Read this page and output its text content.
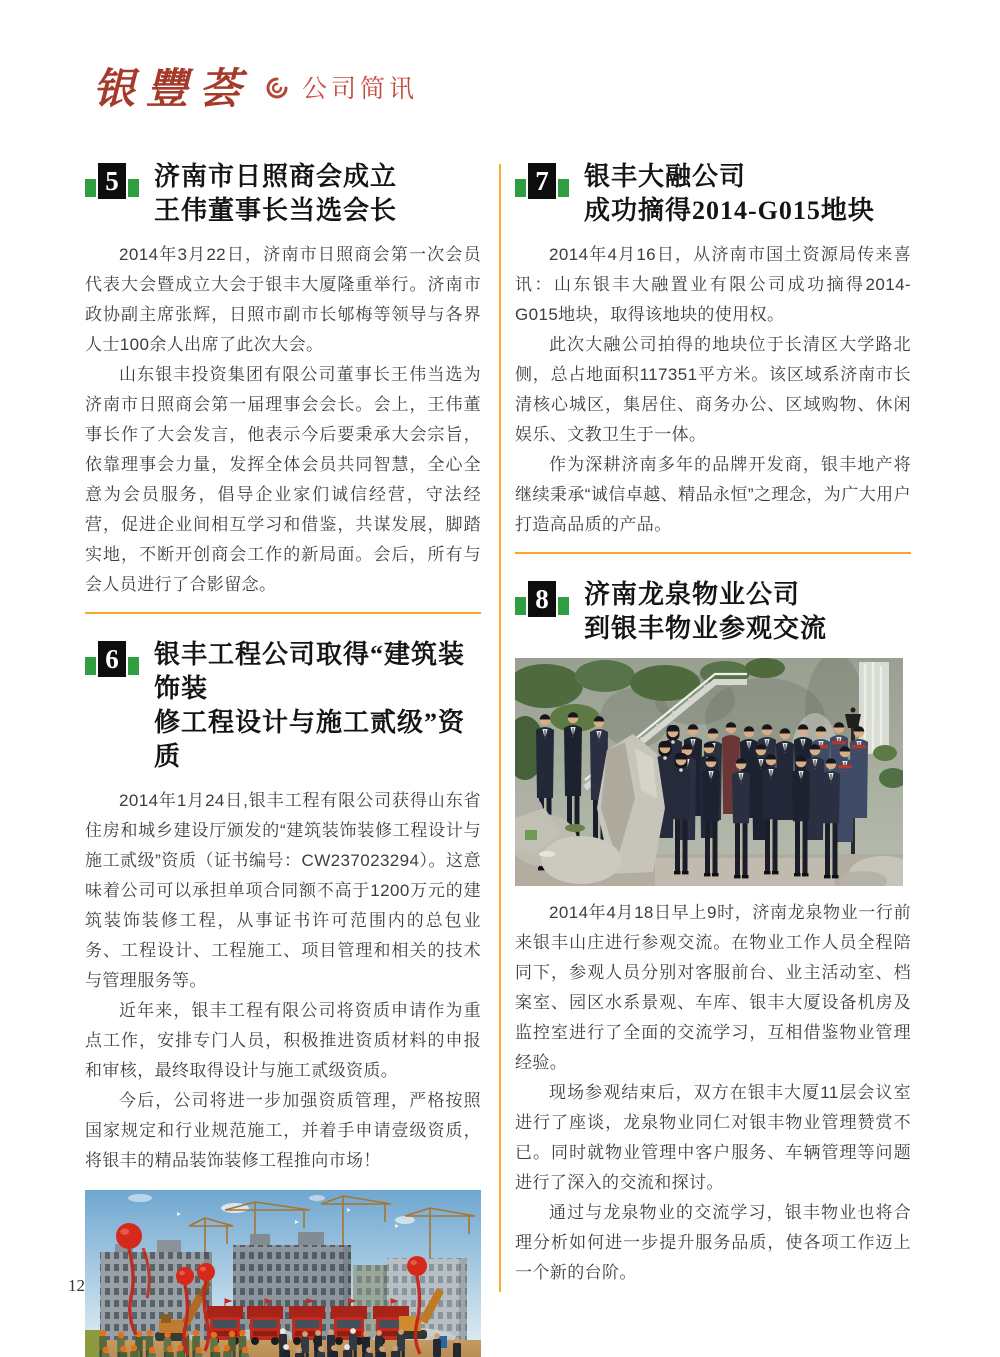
银豐荟 公司简讯
5 济南市日照商会成立
王伟董事长当选会长

2014年3月22日，济南市日照商会第一次会员代表大会暨成立大会于银丰大厦隆重举行。济南市政协副主席张辉，日照市副市长郇梅等领导与各界人士100余人出席了此次大会。

山东银丰投资集团有限公司董事长王伟当选为济南市日照商会第一届理事会会长。会上，王伟董事长作了大会发言，他表示今后要秉承大会宗旨，依靠理事会力量，发挥全体会员共同智慧，全心全意为会员服务，倡导企业家们诚信经营，守法经营，促进企业间相互学习和借鉴，共谋发展，脚踏实地，不断开创商会工作的新局面。会后，所有与会人员进行了合影留念。

6 银丰工程公司取得“建筑装饰装
修工程设计与施工贰级”资质

2014年1月24日,银丰工程有限公司获得山东省住房和城乡建设厅颁发的“建筑装饰装修工程设计与施工贰级”资质（证书编号：CW237023294）。这意味着公司可以承担单项合同额不高于1200万元的建筑装饰装修工程，从事证书许可范围内的总包业务、工程设计、工程施工、项目管理和相关的技术与管理服务等。

近年来，银丰工程有限公司将资质申请作为重点工作，安排专门人员，积极推进资质材料的申报和审核，最终取得设计与施工贰级资质。

今后，公司将进一步加强资质管理，严格按照国家规定和行业规范施工，并着手申请壹级资质，将银丰的精品装饰装修工程推向市场！

7 银丰大融公司
成功摘得2014-G015地块

2014年4月16日，从济南市国土资源局传来喜讯：山东银丰大融置业有限公司成功摘得2014-G015地块，取得该地块的使用权。

此次大融公司拍得的地块位于长清区大学路北侧，总占地面积117351平方米。该区域系济南市长清核心城区，集居住、商务办公、区域购物、休闲娱乐、文教卫生于一体。

作为深耕济南多年的品牌开发商，银丰地产将继续秉承“诚信卓越、精品永恒”之理念，为广大用户打造高品质的产品。

8 济南龙泉物业公司
到银丰物业参观交流

2014年4月18日早上9时，济南龙泉物业一行前来银丰山庄进行参观交流。在物业工作人员全程陪同下，参观人员分别对客服前台、业主活动室、档案室、园区水系景观、车库、银丰大厦设备机房及监控室进行了全面的交流学习，互相借鉴物业管理经验。

现场参观结束后，双方在银丰大厦11层会议室进行了座谈，龙泉物业同仁对银丰物业管理赞赏不已。同时就物业管理中客户服务、车辆管理等问题进行了深入的交流和探讨。

通过与龙泉物业的交流学习，银丰物业也将合理分析如何进一步提升服务品质，使各项工作迈上一个新的台阶。

12
